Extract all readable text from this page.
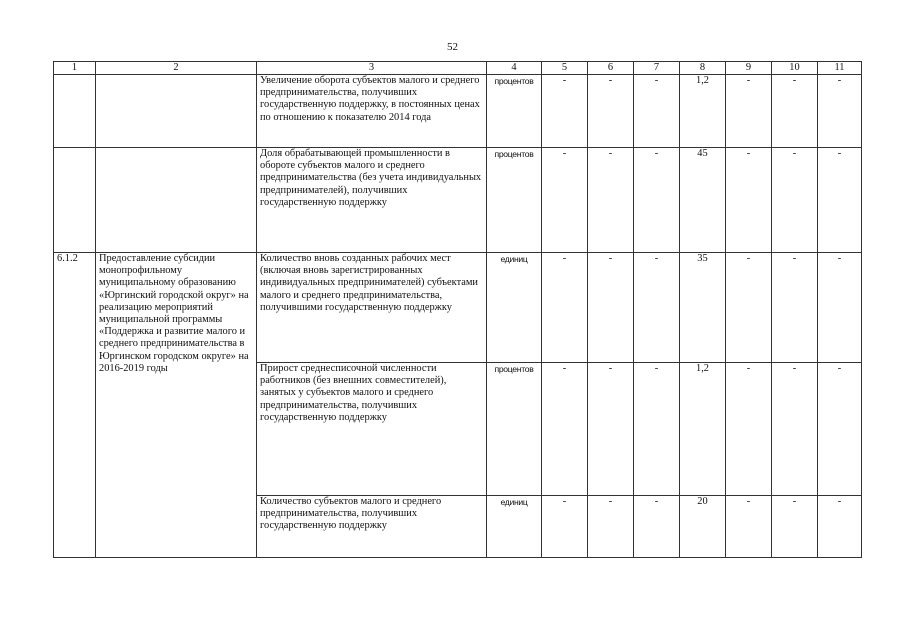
52
1	2	3	4	5	6	7	8	9	10	11
		Увеличение оборота субъектов малого и среднего предпринимательства, получивших государственную поддержку, в постоянных ценах по отношению к показателю 2014 года	процентов	-	-	-	1,2	-	-	-
		Доля обрабатывающей промышленности в обороте субъектов малого и среднего предпринимательства (без учета индивидуальных предпринимателей), получивших государственную поддержку	процентов	-	-	-	45	-	-	-
6.1.2	Предоставление субсидии монопрофильному муниципальному образованию «Юргинский городской округ» на реализацию мероприятий муниципальной программы «Поддержка и развитие малого и среднего предпринимательства в Юргинском городском округе» на 2016-2019 годы	Количество вновь созданных рабочих мест (включая вновь зарегистрированных индивидуальных предпринимателей) субъектами малого и среднего предпринимательства, получившими государственную поддержку	единиц	-	-	-	35	-	-	-
		Прирост среднесписочной численности работников (без внешних совместителей), занятых у субъектов малого и среднего предпринимательства, получивших государственную поддержку	процентов	-	-	-	1,2	-	-	-
		Количество субъектов малого и среднего предпринимательства, получивших государственную поддержку	единиц	-	-	-	20	-	-	-
